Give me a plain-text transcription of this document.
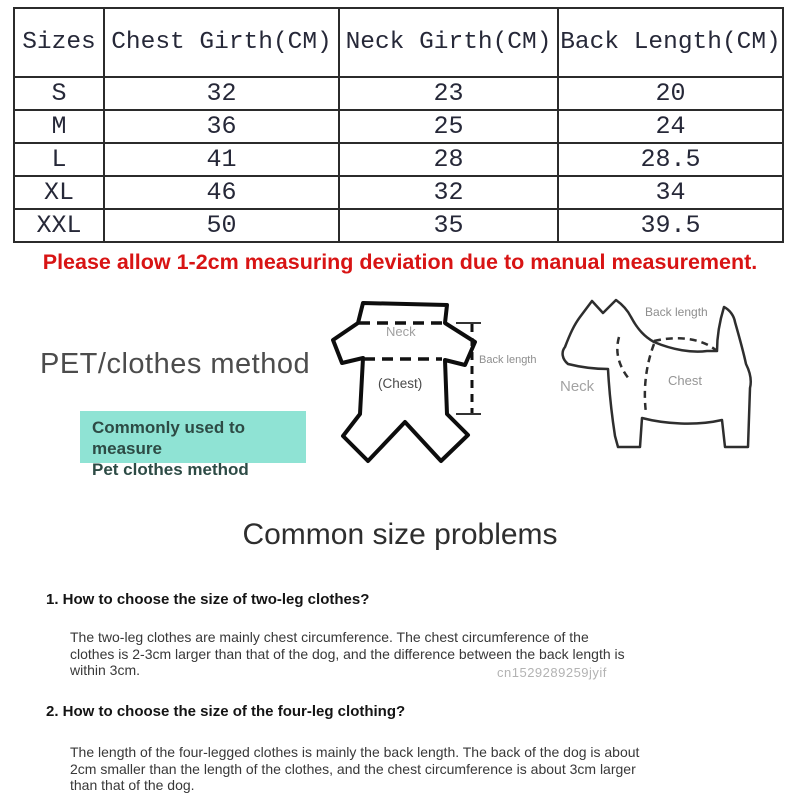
Sizes	Chest Girth(CM)	Neck Girth(CM)	Back Length(CM)
S	32	23	20
M	36	25	24
L	41	28	28.5
XL	46	32	34
XXL	50	35	39.5
Please allow 1-2cm measuring deviation due to manual measurement.
PET/clothes method
Commonly used to measure
Pet clothes method
Neck
(Chest)
Back length
Back length
Neck	Chest
Common size problems
1. How to choose the size of two-leg clothes?
The two-leg clothes are mainly chest circumference. The chest circumference of the
clothes is 2-3cm larger than that of the dog, and the difference between the back length is
within 3cm.	cn1529289259jyif
2. How to choose the size of the four-leg clothing?
The length of the four-legged clothes is mainly the back length. The back of the dog is about
2cm smaller than the length of the clothes, and the chest circumference is about 3cm larger
than that of the dog.
